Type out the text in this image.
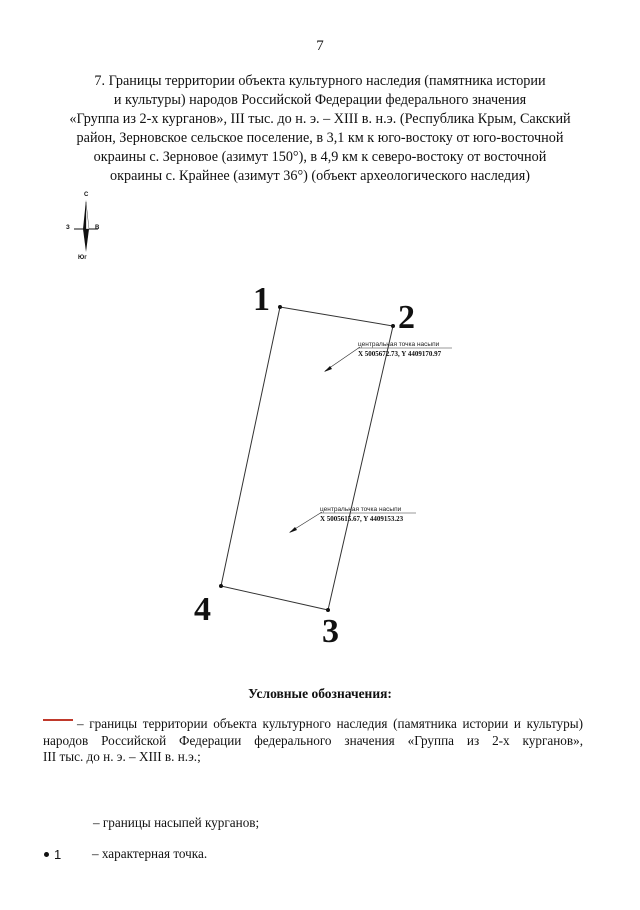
7
7. Границы территории объекта культурного наследия (памятника истории
и культуры) народов Российской Федерации федерального значения
«Группа из 2-х курганов», III тыс. до н. э. – XIII в. н.э. (Республика Крым, Сакский
район, Зерновское сельское поселение, в 3,1 км к юго-востоку от юго-восточной
окраины с. Зерновое (азимут 150°), в 4,9 км к северо-востоку от восточной
окраины с. Крайнее (азимут 36°) (объект археологического наследия)
С
З	В
Юг
1	2
3
4
центральная точка насыпи
X 5005672.73, Y 4409170.97
центральная точка насыпи
X 5005615.67, Y 4409153.23
Условные обозначения:
– границы территории объекта культурного наследия (памятника истории и культуры)
народов Российской Федерации федерального значения «Группа из 2-х курганов»,
III тыс. до н. э. – XIII в. н.э.;
– границы насыпей курганов;
1	– характерная точка.
